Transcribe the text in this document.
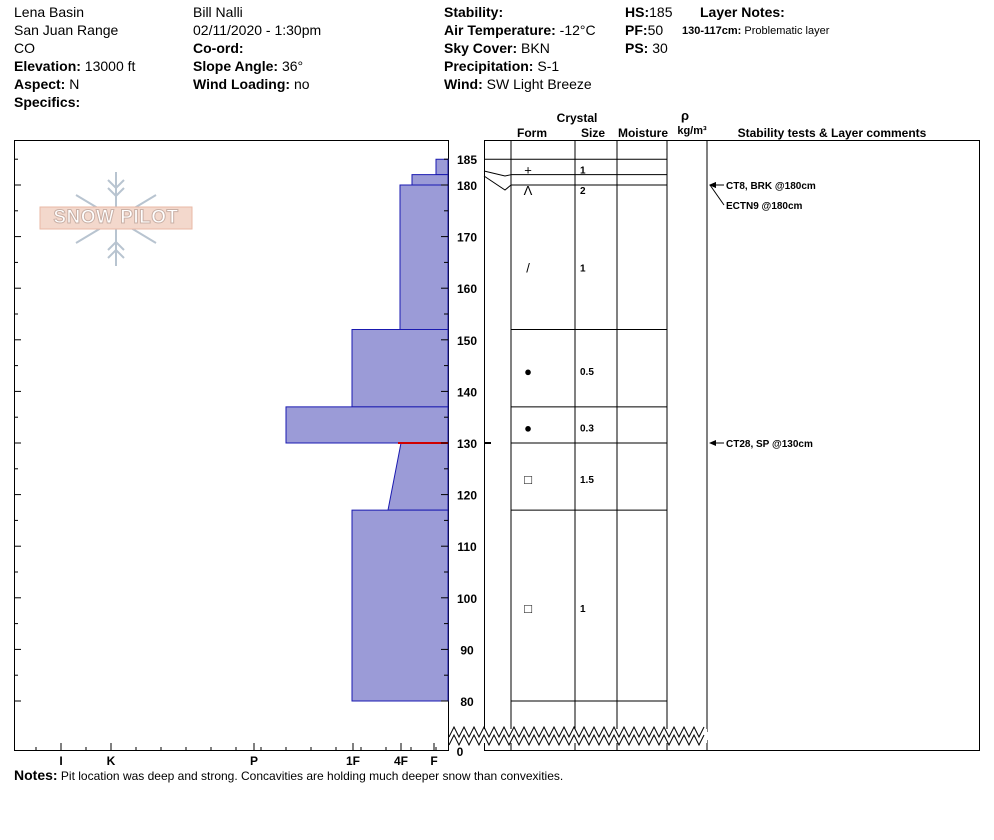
Lena Basin
San Juan Range
CO
Elevation: 13000 ft
Aspect: N
Specifics:
Bill Nalli
02/11/2020 - 1:30pm
Co-ord:
Slope Angle: 36°
Wind Loading: no
Stability:
Air Temperature: -12°C
Sky Cover: BKN
Precipitation: S-1
Wind: SW Light Breeze
HS:185
PF:50
PS: 30
Layer Notes:
130-117cm: Problematic layer
SNOW PILOT
Crystal
Form	Size Moisture
ρ
kg/m³	Stability tests & Layer comments
I	K	P	1F	4F F
80
90
100
110
120
130
140
150
160
170
180
185
0
+	1
Λ	2
/	1
●	0.5
●	0.3
□	1.5
□	1
CT8, BRK @180cm
ECTN9 @180cm
CT28, SP @130cm
Notes: Pit location was deep and strong. Concavities are holding much deeper snow than convexities.
